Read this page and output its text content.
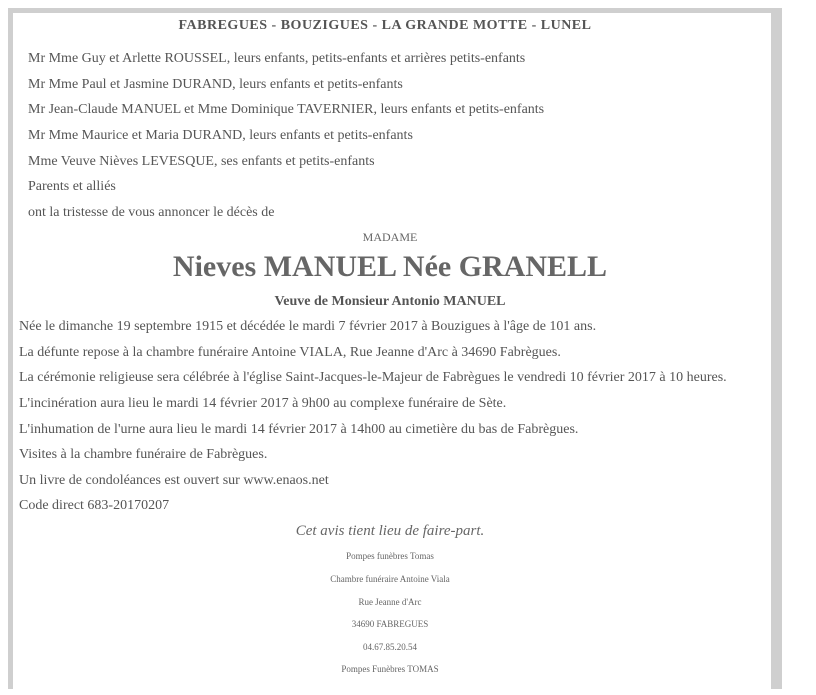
FABREGUES - BOUZIGUES - LA GRANDE MOTTE - LUNEL
Mr Mme Guy et Arlette ROUSSEL, leurs enfants, petits-enfants et arrières petits-enfants
Mr Mme Paul et Jasmine DURAND, leurs enfants et petits-enfants
Mr Jean-Claude MANUEL et Mme Dominique TAVERNIER, leurs enfants et petits-enfants
Mr Mme Maurice et Maria DURAND, leurs enfants et petits-enfants
Mme Veuve Nièves LEVESQUE, ses enfants et petits-enfants
Parents et alliés
ont la tristesse de vous annoncer le décès de
MADAME
Nieves MANUEL Née GRANELL
Veuve de Monsieur Antonio MANUEL
Née le dimanche 19 septembre 1915 et décédée le mardi 7 février 2017 à Bouzigues à l'âge de 101 ans.
La défunte repose à la chambre funéraire Antoine VIALA, Rue Jeanne d'Arc à 34690 Fabrègues.
La cérémonie religieuse sera célébrée à l'église Saint-Jacques-le-Majeur de Fabrègues le vendredi 10 février 2017 à 10 heures.
L'incinération aura lieu le mardi 14 février 2017 à 9h00 au complexe funéraire de Sète.
L'inhumation de l'urne aura lieu le mardi 14 février 2017 à 14h00 au cimetière du bas de Fabrègues.
Visites à la chambre funéraire de Fabrègues.
Un livre de condoléances est ouvert sur www.enaos.net
Code direct 683-20170207
Cet avis tient lieu de faire-part.
Pompes funèbres Tomas
Chambre funéraire Antoine Viala
Rue Jeanne d'Arc
34690 FABREGUES
04.67.85.20.54
Pompes Funèbres TOMAS
